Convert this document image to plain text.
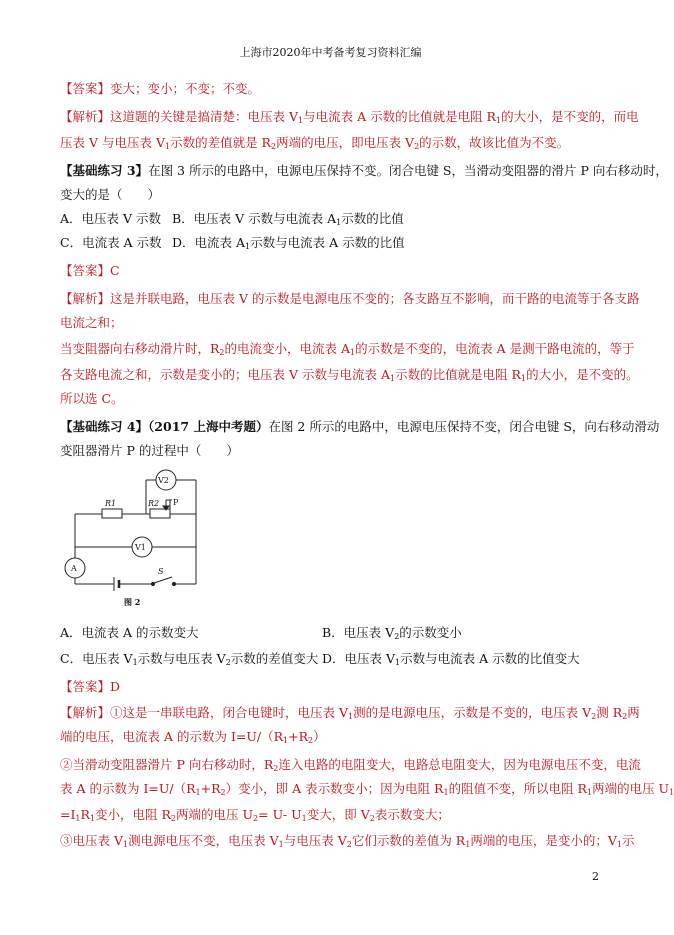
上海市2020年中考备考复习资料汇编
【答案】变大；变小；不变；不变。
【解析】这道题的关键是搞清楚：电压表 $V_1$与电流表 A 示数的比值就是电阻 $R_1$的大小，是不变的，而电
压表 V 与电压表 $V_1$示数的差值就是 $R_2$两端的电压，即电压表 $V_2$的示数，故该比值为不变。
【基础练习 3】在图 3 所示的电路中，电源电压保持不变。闭合电键 S，当滑动变阻器的滑片 P 向右移动时，
变大的是（　　）
A．电压表 V 示数 B．电压表 V 示数与电流表 $A_1$示数的比值
C．电流表 A 示数 D．电流表 $A_1$示数与电流表 A 示数的比值
【答案】C
【解析】这是并联电路，电压表 V 的示数是电源电压不变的；各支路互不影响，而干路的电流等于各支路
电流之和；
当变阻器向右移动滑片时，$R_2$的电流变小，电流表 $A_1$的示数是不变的，电流表 A 是测干路电流的，等于
各支路电流之和，示数是变小的；电压表 V 示数与电流表 $A_1$示数的比值就是电阻 $R_1$的大小，是不变的。
所以选 C。
【基础练习 4】（2017 上海中考题）在图 2 所示的电路中，电源电压保持不变，闭合电键 S，向右移动滑动
变阻器滑片 P 的过程中（　　）
R1	R2 P
V2
V1
A	S
图 2
A．电流表 A 的示数变大	B．电压表 $V_2$的示数变小
C．电压表 $V_1$示数与电压表 $V_2$示数的差值变大 D．电压表 $V_1$示数与电流表 A 示数的比值变大
【答案】D
【解析】①这是一串联电路，闭合电键时，电压表 $V_1$测的是电源电压，示数是不变的，电压表 $V_2$测 $R_2$两
端的电压，电流表 A 的示数为 $I=U/(R_1+R_2)$
②当滑动变阻器滑片 P 向右移动时，$R_2$连入电路的电阻变大，电路总电阻变大，因为电源电压不变，电流
表 A 的示数为 $I=U/(R_1+R_2)$变小，即 A 表示数变小；因为电阻 $R_1$的阻值不变，所以电阻 $R_1$两端的电压 $U_1$
$=I_1R_1$变小，电阻 $R_2$两端的电压 $U_2= U-$ $U_1$变大，即 $V_2$表示数变大；
③电压表 $V_1$测电源电压不变，电压表 $V_1$与电压表 $V_2$它们示数的差值为 $R_1$两端的电压，是变小的；$V_1$示
2
